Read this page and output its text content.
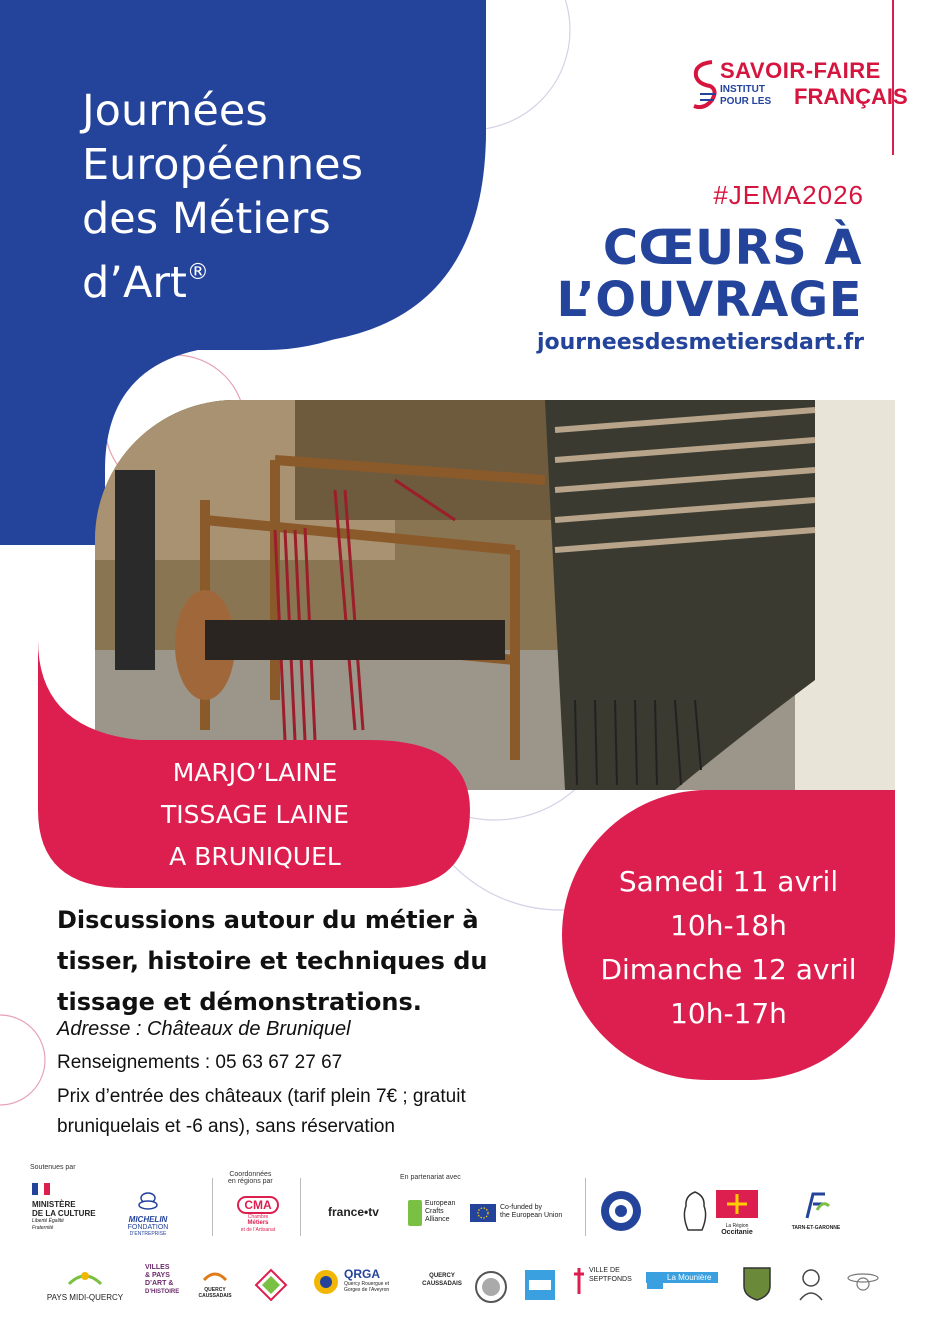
Journées
Européennes
des Métiers
d’Art®
SAVOIR-FAIRE
INSTITUT
POUR LES FRANÇAIS
#JEMA2026
CŒURS À
L’OUVRAGE
journeesdesmetiersdart.fr
MARJO’LAINE
TISSAGE LAINE
A BRUNIQUEL
Samedi 11 avril
10h-18h
Dimanche 12 avril
10h-17h
Discussions autour du métier à tisser, histoire et techniques du tissage et démonstrations.
Adresse : Châteaux de Bruniquel
Renseignements : 05 63 67 27 67
Prix d’entrée des châteaux (tarif plein 7€ ; gratuit bruniquelais et -6 ans), sans réservation
Soutenues par
Coordonnées
en régions par
En partenariat avec
MINISTÈRE
DE LA CULTURE
Liberté Égalité Fraternité
MICHELIN
FONDATION
D’ENTREPRISE
CMA
Chambre
Métiers
et de l’Artisanat
france•tv
European
Crafts
Alliance
Co-funded by
the European Union
La Région
Occitanie
TARN-ET-GARONNE
PAYS MIDI-QUERCY
VILLES
& PAYS
D’ART &
D’HISTOIRE	QUERCY
CAUSSADAIS
QRGA
Quercy Rouergue et
Gorges de l’Aveyron
QUERCY
CAUSSADAIS
VILLE DE
SEPTFONDS	La Mounière
